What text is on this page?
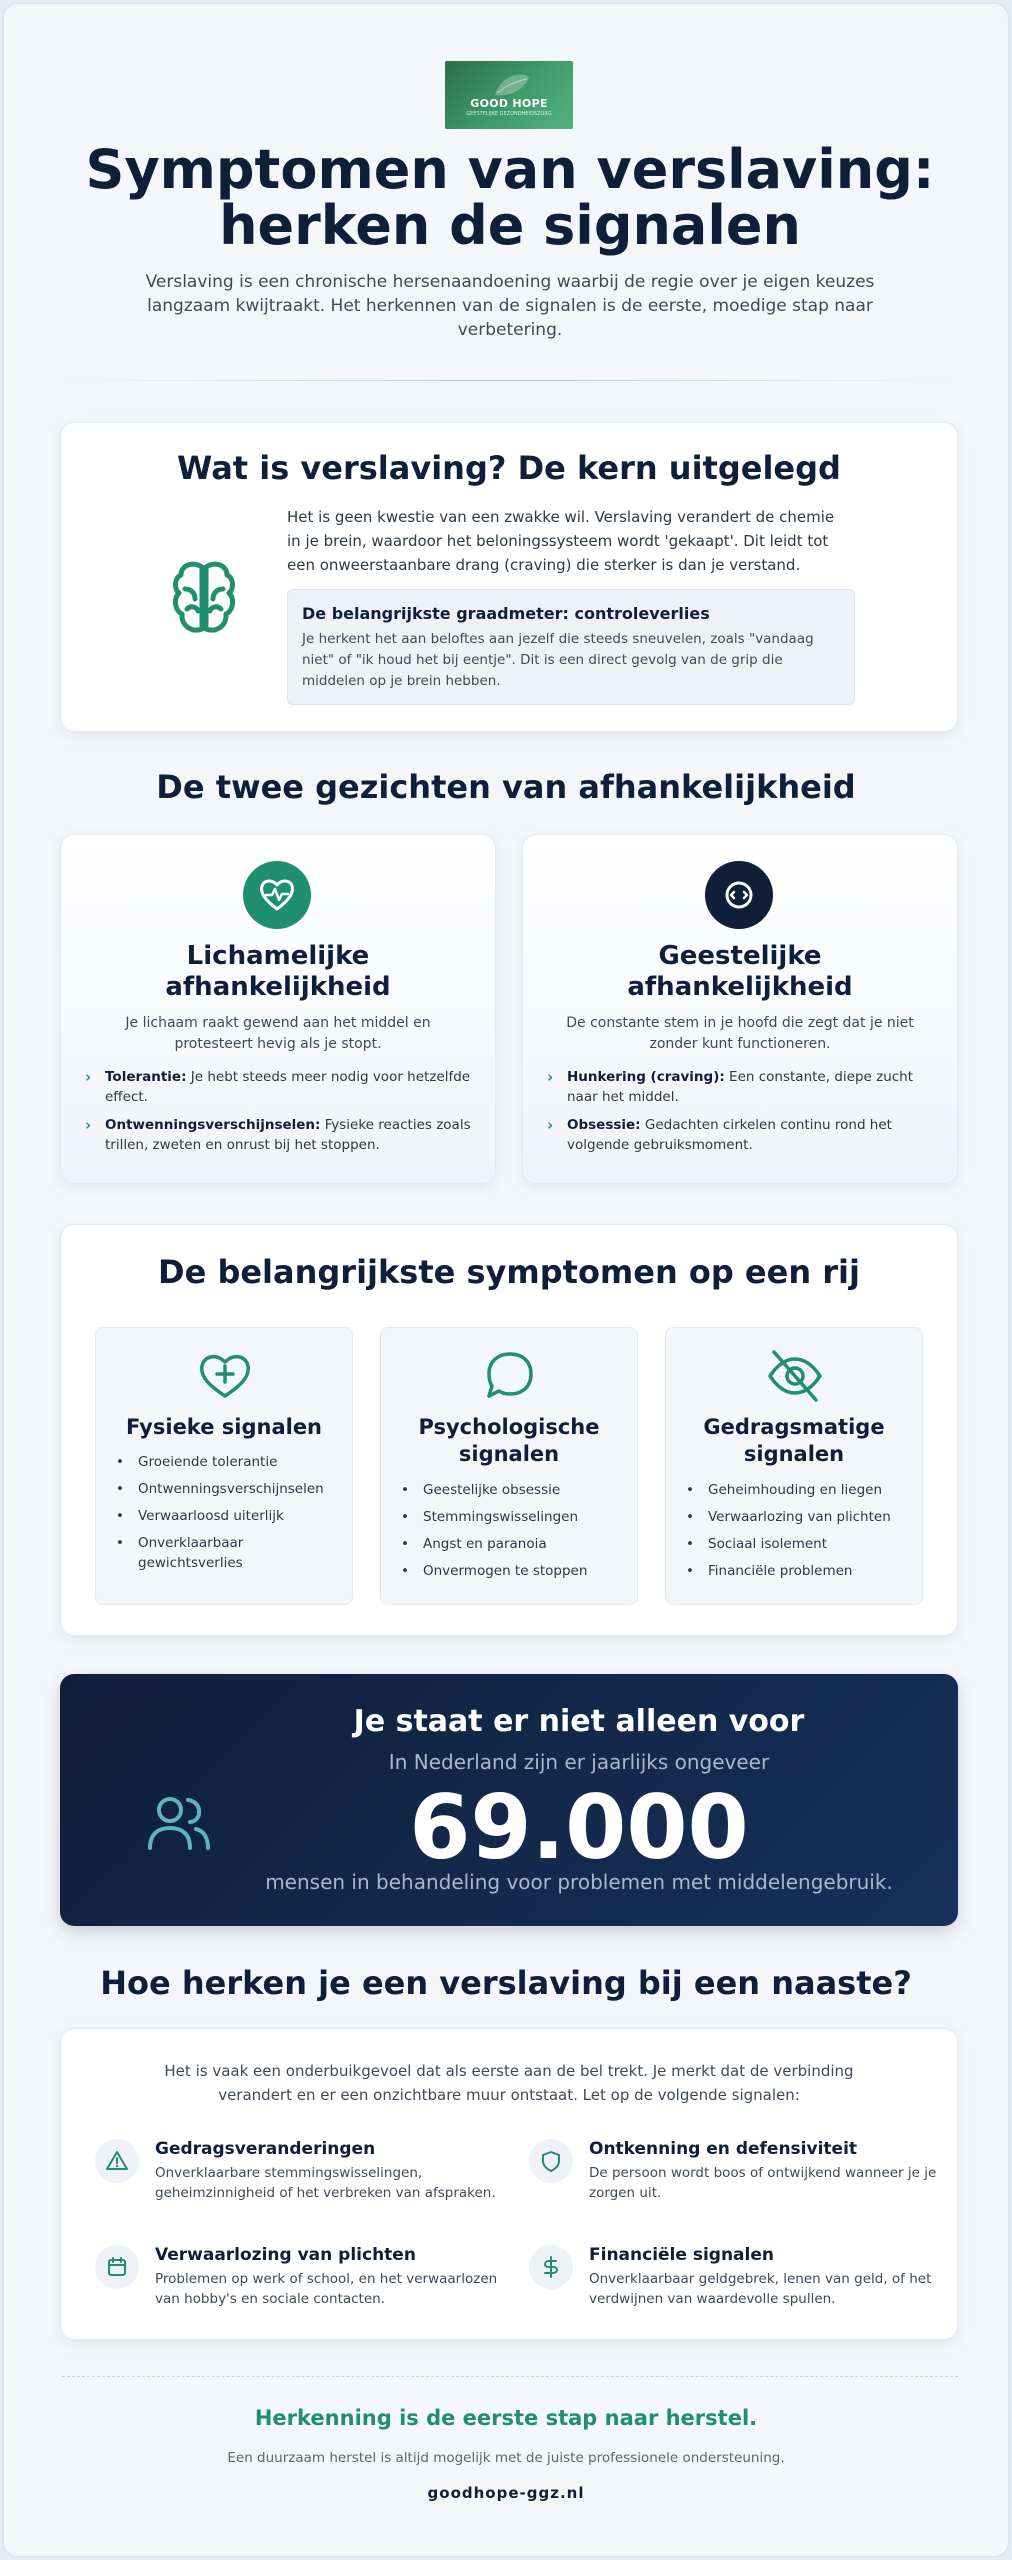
GOOD HOPE
GEESTELIJKE GEZONDHEIDSZORG
Symptomen van verslaving:
herken de signalen
Verslaving is een chronische hersenaandoening waarbij de regie over je eigen keuzes langzaam kwijtraakt. Het herkennen van de signalen is de eerste, moedige stap naar verbetering.
Wat is verslaving? De kern uitgelegd
Het is geen kwestie van een zwakke wil. Verslaving verandert de chemie in je brein, waardoor het beloningssysteem wordt 'gekaapt'. Dit leidt tot een onweerstaanbare drang (craving) die sterker is dan je verstand.
De belangrijkste graadmeter: controleverlies
Je herkent het aan beloftes aan jezelf die steeds sneuvelen, zoals "vandaag niet" of "ik houd het bij eentje". Dit is een direct gevolg van de grip die middelen op je brein hebben.
De twee gezichten van afhankelijkheid
Lichamelijke
afhankelijkheid
Je lichaam raakt gewend aan het middel en protesteert hevig als je stopt.
› Tolerantie: Je hebt steeds meer nodig voor hetzelfde effect.
› Ontwenningsverschijnselen: Fysieke reacties zoals trillen, zweten en onrust bij het stoppen.
Geestelijke
afhankelijkheid
De constante stem in je hoofd die zegt dat je niet zonder kunt functioneren.
› Hunkering (craving): Een constante, diepe zucht naar het middel.
› Obsessie: Gedachten cirkelen continu rond het volgende gebruiksmoment.
De belangrijkste symptomen op een rij
Fysieke signalen
• Groeiende tolerantie
• Ontwenningsverschijnselen
• Verwaarloosd uiterlijk
• Onverklaarbaar gewichtsverlies
Psychologische
signalen
• Geestelijke obsessie
• Stemmingswisselingen
• Angst en paranoia
• Onvermogen te stoppen
Gedragsmatige
signalen
• Geheimhouding en liegen
• Verwaarlozing van plichten
• Sociaal isolement
• Financiële problemen
Je staat er niet alleen voor
In Nederland zijn er jaarlijks ongeveer
69.000
mensen in behandeling voor problemen met middelengebruik.
Hoe herken je een verslaving bij een naaste?
Het is vaak een onderbuikgevoel dat als eerste aan de bel trekt. Je merkt dat de verbinding verandert en er een onzichtbare muur ontstaat. Let op de volgende signalen:
Gedragsveranderingen
Onverklaarbare stemmingswisselingen, geheimzinnigheid of het verbreken van afspraken.
Ontkenning en defensiviteit
De persoon wordt boos of ontwijkend wanneer je je zorgen uit.
Verwaarlozing van plichten
Problemen op werk of school, en het verwaarlozen van hobby's en sociale contacten.
Financiële signalen
Onverklaarbaar geldgebrek, lenen van geld, of het verdwijnen van waardevolle spullen.
Herkenning is de eerste stap naar herstel.
Een duurzaam herstel is altijd mogelijk met de juiste professionele ondersteuning.
goodhope-ggz.nl
